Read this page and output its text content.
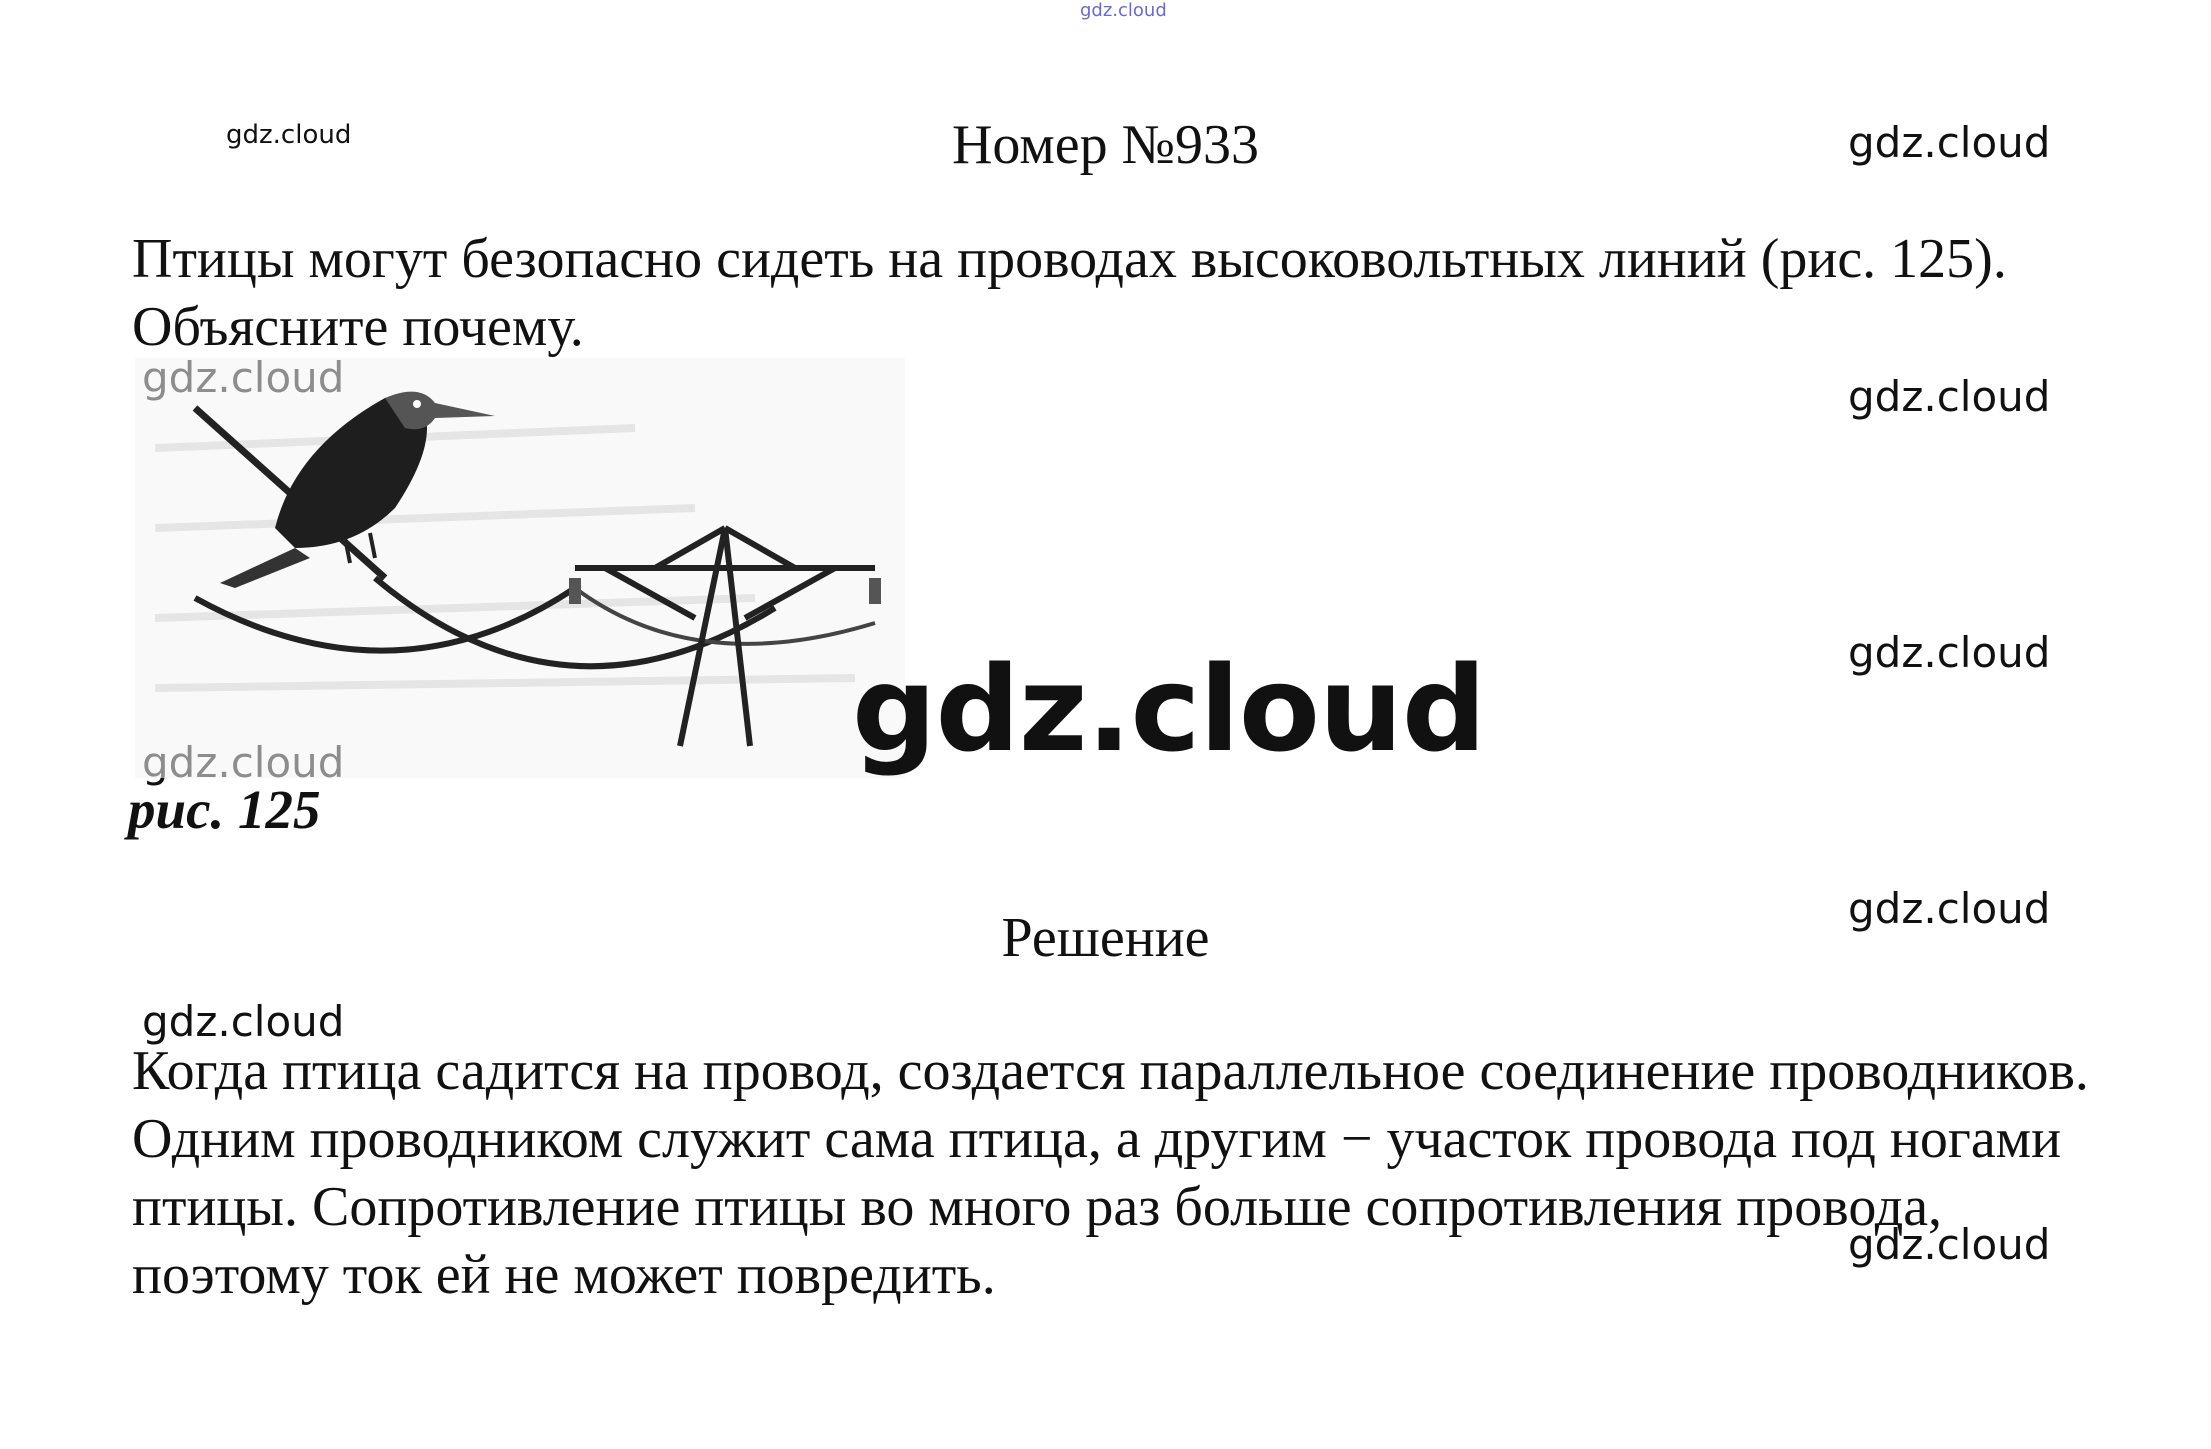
gdz.cloud
gdz.cloud	gdz.cloud
gdz.cloud
gdz.cloud
gdz.cloud
gdz.cloud
gdz.cloud
Номер №933

Птицы могут безопасно сидеть на проводах высоковольтных линий (рис. 125). Объясните почему.

gdz.cloud
рис. 125
Решение

Когда птица садится на провод, создается параллельное соединение проводников. Одним проводником служит сама птица, а другим − участок провода под ногами птицы. Сопротивление птицы во много раз больше сопротивления провода, поэтому ток ей не может повредить.
